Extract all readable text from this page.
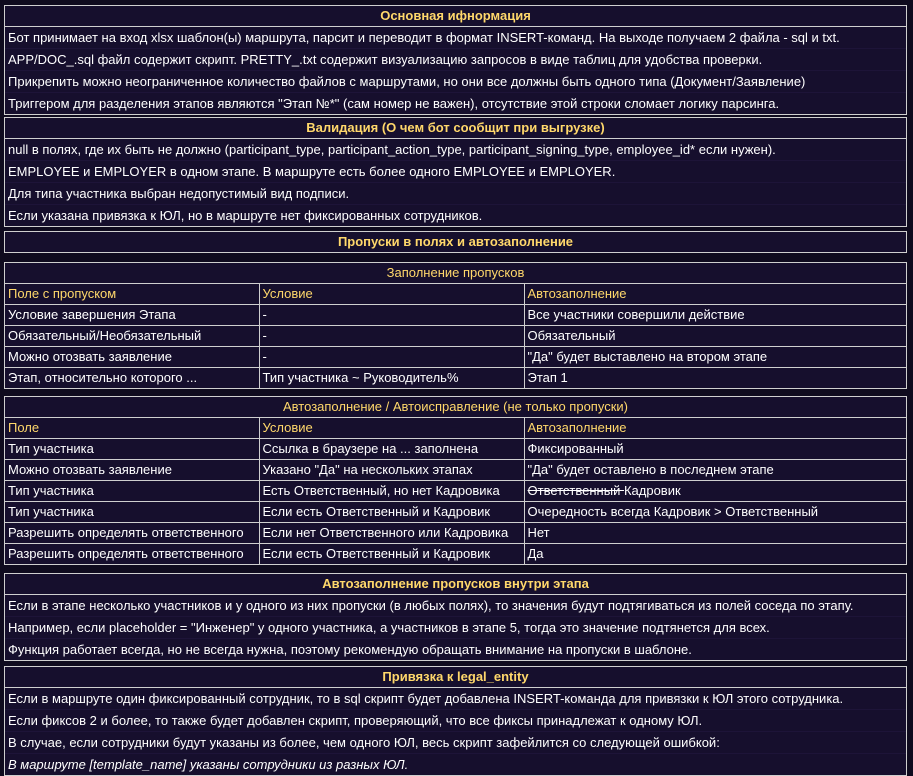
Основная ифнормация
Бот принимает на вход xlsx шаблон(ы) маршрута, парсит и переводит в формат INSERT-команд. На выходе получаем 2 файла - sql и txt.
APP/DOC_.sql файл содержит скрипт. PRETTY_.txt содержит визуализацию запросов в виде таблиц для удобства проверки.
Прикрепить можно неограниченное количество файлов с маршрутами, но они все должны быть одного типа (Документ/Заявление)
Триггером для разделения этапов являются "Этап №*" (сам номер не важен), отсутствие этой строки сломает логику парсинга.
Валидация (О чем бот сообщит при выгрузке)
null в полях, где их быть не должно (participant_type, participant_action_type, participant_signing_type, employee_id* если нужен).
EMPLOYEE и EMPLOYER в одном этапе. В маршруте есть более одного EMPLOYEE и EMPLOYER.
Для типа участника выбран недопустимый вид подписи.
Если указана привязка к ЮЛ, но в маршруте нет фиксированных сотрудников.
Пропуски в полях и автозаполнение
Заполнение пропусков
Поле с пропуском	Условие	Автозаполнение
Условие завершения Этапа	-	Все участники совершили действие
Обязательный/Необязательный	-	Обязательный
Можно отозвать заявление	-	"Да" будет выставлено на втором этапе
Этап, относительно которого ...	Тип участника ~ Руководитель%	Этап 1
Автозаполнение / Автоисправление (не только пропуски)
Поле	Условие	Автозаполнение
Тип участника	Ссылка в браузере на ... заполнена	Фиксированный
Можно отозвать заявление	Указано "Да" на нескольких этапах	"Да" будет оставлено в последнем этапе
Тип участника	Есть Ответственный, но нет Кадровика	Ответственный Кадровик
Тип участника	Если есть Ответственный и Кадровик	Очередность всегда Кадровик > Ответственный
Разрешить определять ответственного	Если нет Ответственного или Кадровика	Нет
Разрешить определять ответственного	Если есть Ответственный и Кадровик	Да
Автозаполнение пропусков внутри этапа
Если в этапе несколько участников и у одного из них пропуски (в любых полях), то значения будут подтягиваться из полей соседа по этапу.
Например, если placeholder = "Инженер" у одного участника, а участников в этапе 5, тогда это значение подтянется для всех.
Функция работает всегда, но не всегда нужна, поэтому рекомендую обращать внимание на пропуски в шаблоне.
Привязка к legal_entity
Если в маршруте один фиксированный сотрудник, то в sql скрипт будет добавлена INSERT-команда для привязки к ЮЛ этого сотрудника.
Если фиксов 2 и более, то также будет добавлен скрипт, проверяющий, что все фиксы принадлежат к одному ЮЛ.
В случае, если сотрудники будут указаны из более, чем одного ЮЛ, весь скрипт зафейлится со следующей ошибкой:
В маршруте [template_name] указаны сотрудники из разных ЮЛ.
